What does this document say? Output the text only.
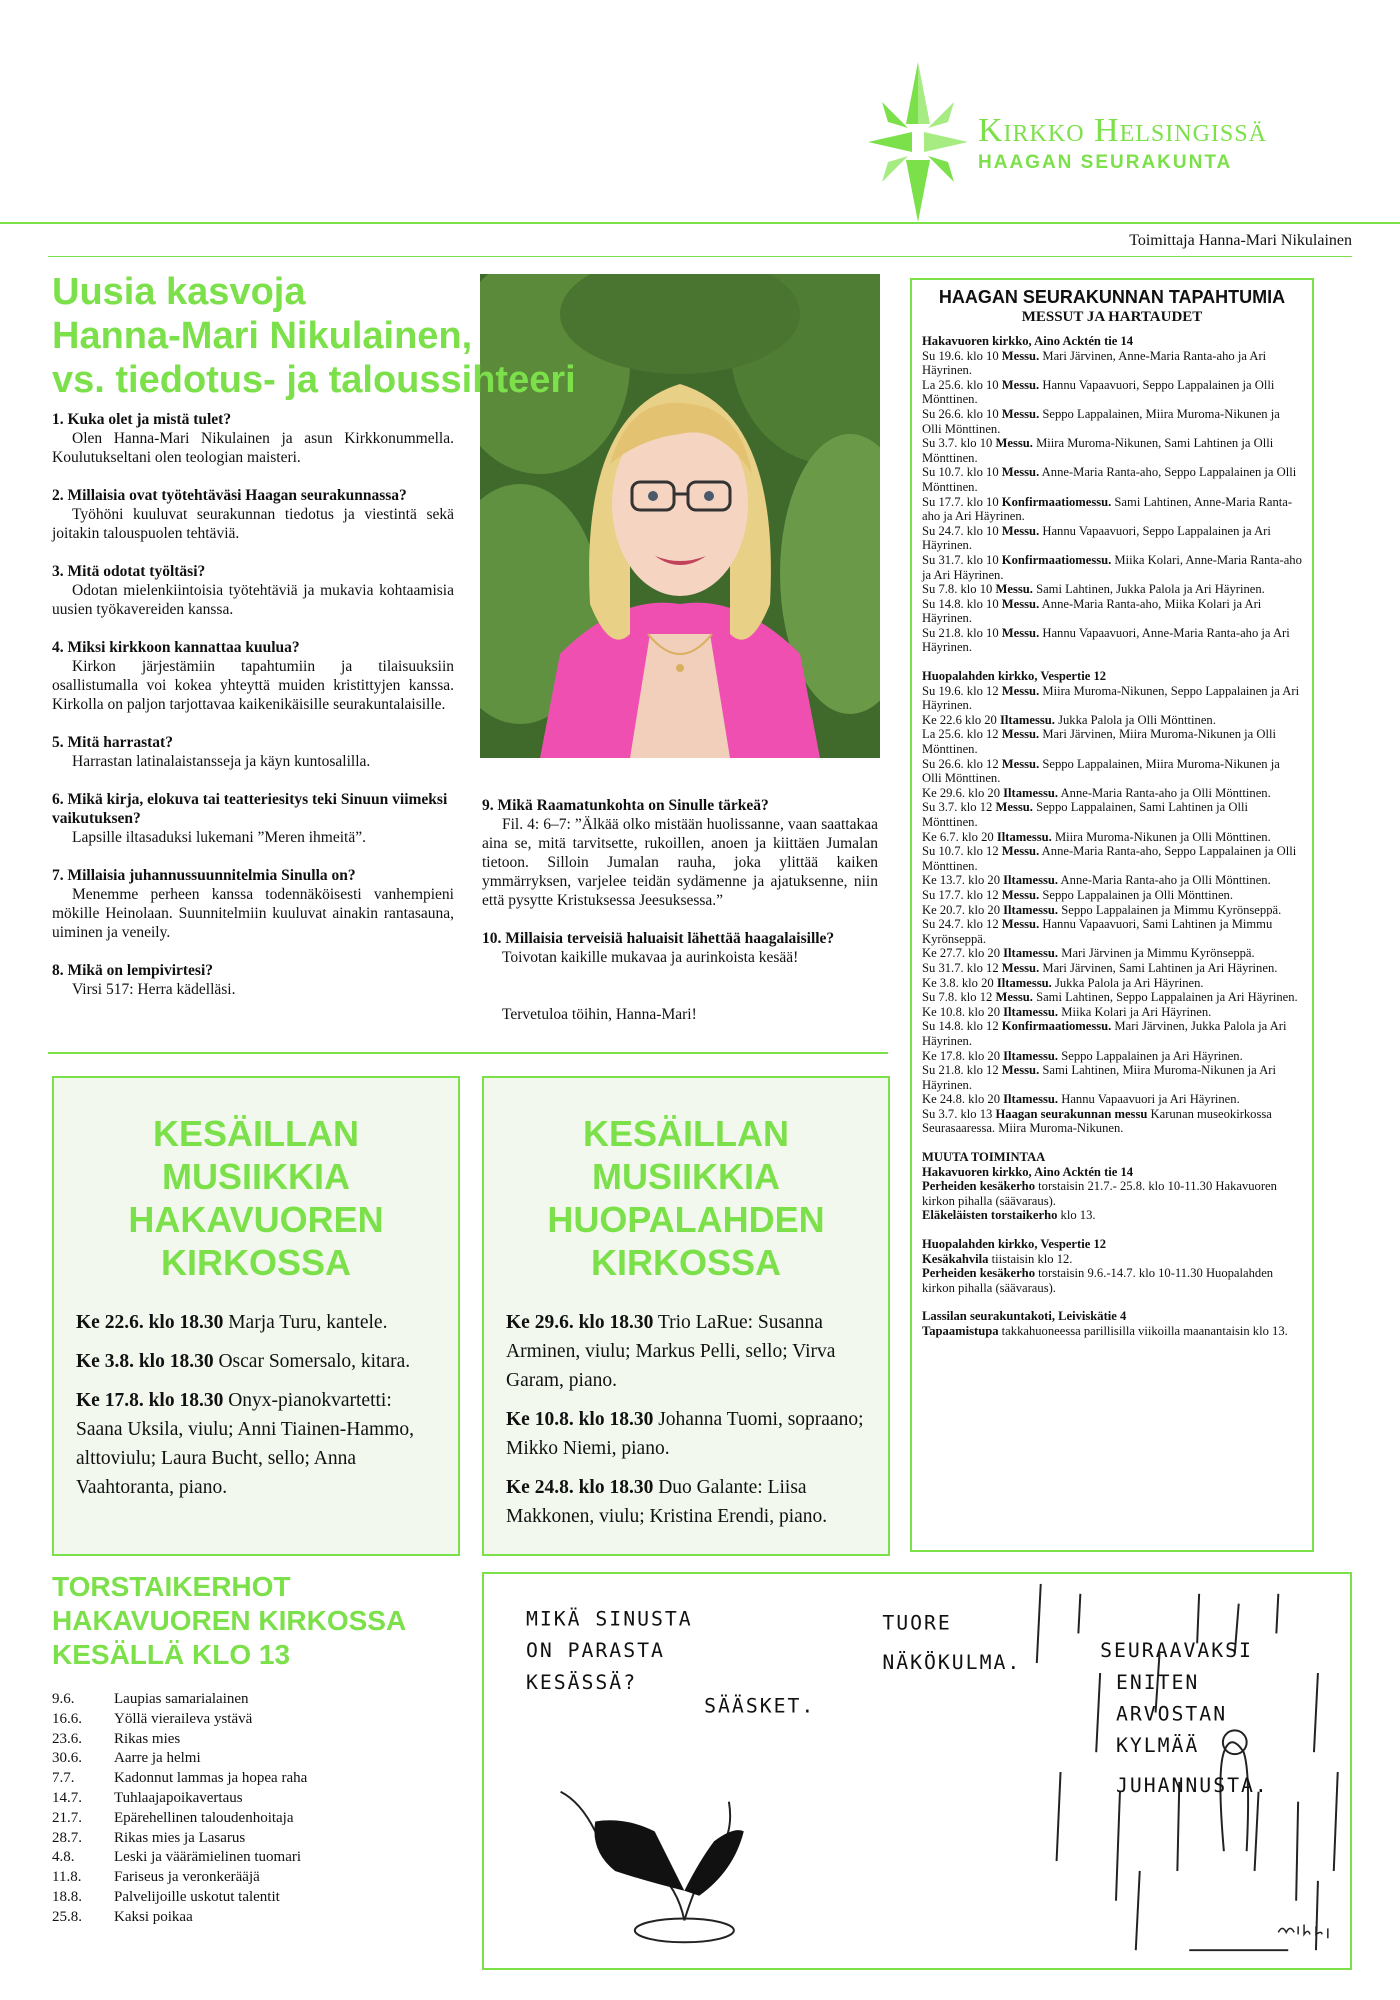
Kirkko Helsingissä
HAAGAN SEURAKUNTA
Toimittaja Hanna-Mari Nikulainen
Uusia kasvoja
Hanna-Mari Nikulainen,
vs. tiedotus- ja taloussihteeri
1. Kuka olet ja mistä tulet?
Olen Hanna-Mari Nikulainen ja asun Kirkkonummella. Koulutukseltani olen teologian maisteri.
2. Millaisia ovat työtehtäväsi Haagan seurakunnassa?
Työhöni kuuluvat seurakunnan tiedotus ja viestintä sekä joitakin talouspuolen tehtäviä.
3. Mitä odotat työltäsi?
Odotan mielenkiintoisia työtehtäviä ja mukavia kohtaamisia uusien työkavereiden kanssa.
4. Miksi kirkkoon kannattaa kuulua?
Kirkon järjestämiin tapahtumiin ja tilaisuuksiin osallistumalla voi kokea yhteyttä muiden kristittyjen kanssa. Kirkolla on paljon tarjottavaa kaikenikäisille seurakuntalaisille.
5. Mitä harrastat?
Harrastan latinalaistansseja ja käyn kuntosalilla.
6. Mikä kirja, elokuva tai teatteriesitys teki Sinuun viimeksi vaikutuksen?
Lapsille iltasaduksi lukemani ”Meren ihmeitä”.
7. Millaisia juhannussuunnitelmia Sinulla on?
Menemme perheen kanssa todennäköisesti vanhempieni mökille Heinolaan. Suunnitelmiin kuuluvat ainakin rantasauna, uiminen ja veneily.
8. Mikä on lempivirtesi?
Virsi 517: Herra kädelläsi.
9. Mikä Raamatunkohta on Sinulle tärkeä?
Fil. 4: 6–7: ”Älkää olko mistään huolissanne, vaan saattakaa aina se, mitä tarvitsette, rukoillen, anoen ja kiittäen Jumalan tietoon. Silloin Jumalan rauha, joka ylittää kaiken ymmärryksen, varjelee teidän sydämenne ja ajatuksenne, niin että pysytte Kristuksessa Jeesuksessa.”
10. Millaisia terveisiä haluaisit lähettää haagalaisille?
Toivotan kaikille mukavaa ja aurinkoista kesää!
Tervetuloa töihin, Hanna-Mari!
HAAGAN SEURAKUNNAN TAPAHTUMIA
MESSUT JA HARTAUDET
Hakavuoren kirkko, Aino Acktén tie 14
Su 19.6. klo 10 Messu. Mari Järvinen, Anne-Maria Ranta-aho ja Ari Häyrinen.
La 25.6. klo 10 Messu. Hannu Vapaavuori, Seppo Lappalainen ja Olli Mönttinen.
Su 26.6. klo 10 Messu. Seppo Lappalainen, Miira Muroma-Nikunen ja Olli Mönttinen.
Su 3.7. klo 10 Messu. Miira Muroma-Nikunen, Sami Lahtinen ja Olli Mönttinen.
Su 10.7. klo 10 Messu. Anne-Maria Ranta-aho, Seppo Lappalainen ja Olli Mönttinen.
Su 17.7. klo 10 Konfirmaatiomessu. Sami Lahtinen, Anne-Maria Ranta-aho ja Ari Häyrinen.
Su 24.7. klo 10 Messu. Hannu Vapaavuori, Seppo Lappalainen ja Ari Häyrinen.
Su 31.7. klo 10 Konfirmaatiomessu. Miika Kolari, Anne-Maria Ranta-aho ja Ari Häyrinen.
Su 7.8. klo 10 Messu. Sami Lahtinen, Jukka Palola ja Ari Häyrinen.
Su 14.8. klo 10 Messu. Anne-Maria Ranta-aho, Miika Kolari ja Ari Häyrinen.
Su 21.8. klo 10 Messu. Hannu Vapaavuori, Anne-Maria Ranta-aho ja Ari Häyrinen.
Huopalahden kirkko, Vespertie 12
Su 19.6. klo 12 Messu. Miira Muroma-Nikunen, Seppo Lappalainen ja Ari Häyrinen.
Ke 22.6 klo 20 Iltamessu. Jukka Palola ja Olli Mönttinen.
La 25.6. klo 12 Messu. Mari Järvinen, Miira Muroma-Nikunen ja Olli Mönttinen.
Su 26.6. klo 12 Messu. Seppo Lappalainen, Miira Muroma-Nikunen ja Olli Mönttinen.
Ke 29.6. klo 20 Iltamessu. Anne-Maria Ranta-aho ja Olli Mönttinen.
Su 3.7. klo 12 Messu. Seppo Lappalainen, Sami Lahtinen ja Olli Mönttinen.
Ke 6.7. klo 20 Iltamessu. Miira Muroma-Nikunen ja Olli Mönttinen.
Su 10.7. klo 12 Messu. Anne-Maria Ranta-aho, Seppo Lappalainen ja Olli Mönttinen.
Ke 13.7. klo 20 Iltamessu. Anne-Maria Ranta-aho ja Olli Mönttinen.
Su 17.7. klo 12 Messu. Seppo Lappalainen ja Olli Mönttinen.
Ke 20.7. klo 20 Iltamessu. Seppo Lappalainen ja Mimmu Kyrönseppä.
Su 24.7. klo 12 Messu. Hannu Vapaavuori, Sami Lahtinen ja Mimmu Kyrönseppä.
Ke 27.7. klo 20 Iltamessu. Mari Järvinen ja Mimmu Kyrönseppä.
Su 31.7. klo 12 Messu. Mari Järvinen, Sami Lahtinen ja Ari Häyrinen.
Ke 3.8. klo 20 Iltamessu. Jukka Palola ja Ari Häyrinen.
Su 7.8. klo 12 Messu. Sami Lahtinen, Seppo Lappalainen ja Ari Häyrinen.
Ke 10.8. klo 20 Iltamessu. Miika Kolari ja Ari Häyrinen.
Su 14.8. klo 12 Konfirmaatiomessu. Mari Järvinen, Jukka Palola ja Ari Häyrinen.
Ke 17.8. klo 20 Iltamessu. Seppo Lappalainen ja Ari Häyrinen.
Su 21.8. klo 12 Messu. Sami Lahtinen, Miira Muroma-Nikunen ja Ari Häyrinen.
Ke 24.8. klo 20 Iltamessu. Hannu Vapaavuori ja Ari Häyrinen.
Su 3.7. klo 13 Haagan seurakunnan messu Karunan museokirkossa Seurasaaressa. Miira Muroma-Nikunen.
MUUTA TOIMINTAA
Hakavuoren kirkko, Aino Acktén tie 14
Perheiden kesäkerho torstaisin 21.7.- 25.8. klo 10-11.30 Hakavuoren kirkon pihalla (säävaraus).
Eläkeläisten torstaikerho klo 13.
Huopalahden kirkko, Vespertie 12
Kesäkahvila tiistaisin klo 12.
Perheiden kesäkerho torstaisin 9.6.-14.7. klo 10-11.30 Huopalahden kirkon pihalla (säävaraus).
Lassilan seurakuntakoti, Leiviskätie 4
Tapaamistupa takkahuoneessa parillisilla viikoilla maanantaisin klo 13.
KESÄILLAN MUSIIKKIA HAKAVUOREN KIRKOSSA
Ke 22.6. klo 18.30 Marja Turu, kantele.
Ke 3.8. klo 18.30 Oscar Somersalo, kitara.
Ke 17.8. klo 18.30 Onyx-pianokvartetti: Saana Uksila, viulu; Anni Tiainen-Hammo, alttoviulu; Laura Bucht, sello; Anna Vaahtoranta, piano.
KESÄILLAN MUSIIKKIA HUOPALAHDEN KIRKOSSA
Ke 29.6. klo 18.30 Trio LaRue: Susanna Arminen, viulu; Markus Pelli, sello; Virva Garam, piano.
Ke 10.8. klo 18.30 Johanna Tuomi, sopraano; Mikko Niemi, piano.
Ke 24.8. klo 18.30 Duo Galante: Liisa Makkonen, viulu; Kristina Erendi, piano.
TORSTAIKERHOT
HAKAVUOREN KIRKOSSA
KESÄLLÄ KLO 13
9.6.	Laupias samarialainen
16.6.	Yöllä vieraileva ystävä
23.6.	Rikas mies
30.6.	Aarre ja helmi
7.7.	Kadonnut lammas ja hopea raha
14.7.	Tuhlaajapoikavertaus
21.7.	Epärehellinen taloudenhoitaja
28.7.	Rikas mies ja Lasarus
4.8.	Leski ja väärämielinen tuomari
11.8.	Fariseus ja veronkerääjä
18.8.	Palvelijoille uskotut talentit
25.8.	Kaksi poikaa
MIKÄ SINUSTA
ON PARASTA
KESÄSSÄ?
SÄÄSKET.
TUORE
NÄKÖKULMA.
SEURAAVAKSI
ENITEN
ARVOSTAN
KYLMÄÄ
JUHANNUSTA.
